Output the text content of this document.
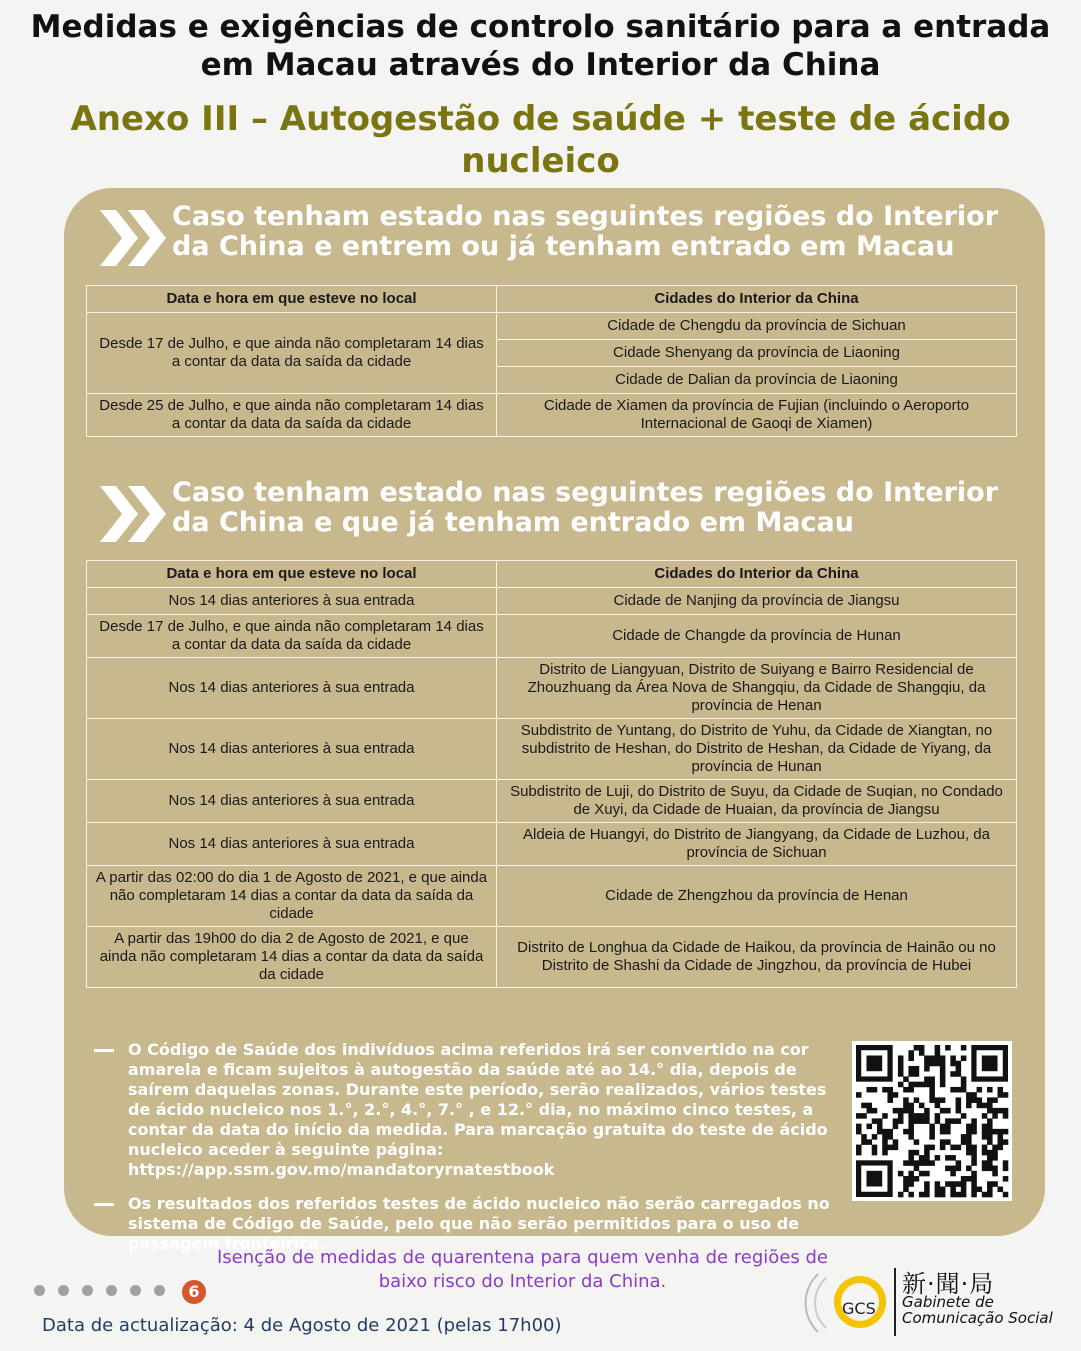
Medidas e exigências de controlo sanitário para a entrada em Macau através do Interior da China
Anexo III – Autogestão de saúde + teste de ácido nucleico
Caso tenham estado nas seguintes regiões do Interior da China e entrem ou já tenham entrado em Macau
Data e hora em que esteve no local	Cidades do Interior da China
Desde 17 de Julho, e que ainda não completaram 14 dias a contar da data da saída da cidade	Cidade de Chengdu da província de Sichuan
	Cidade Shenyang da província de Liaoning
	Cidade de Dalian da província de Liaoning
Desde 25 de Julho, e que ainda não completaram 14 dias a contar da data da saída da cidade	Cidade de Xiamen da província de Fujian (incluindo o Aeroporto Internacional de Gaoqi de Xiamen)
Caso tenham estado nas seguintes regiões do Interior da China e que já tenham entrado em Macau
Data e hora em que esteve no local	Cidades do Interior da China
Nos 14 dias anteriores à sua entrada	Cidade de Nanjing da província de Jiangsu
Desde 17 de Julho, e que ainda não completaram 14 dias a contar da data da saída da cidade	Cidade de Changde da província de Hunan
Nos 14 dias anteriores à sua entrada	Distrito de Liangyuan, Distrito de Suiyang e Bairro Residencial de Zhouzhuang da Área Nova de Shangqiu, da Cidade de Shangqiu, da província de Henan
Nos 14 dias anteriores à sua entrada	Subdistrito de Yuntang, do Distrito de Yuhu, da Cidade de Xiangtan, no subdistrito de Heshan, do Distrito de Heshan, da Cidade de Yiyang, da província de Hunan
Nos 14 dias anteriores à sua entrada	Subdistrito de Luji, do Distrito de Suyu, da Cidade de Suqian, no Condado de Xuyi, da Cidade de Huaian, da província de Jiangsu
Nos 14 dias anteriores à sua entrada	Aldeia de Huangyi, do Distrito de Jiangyang, da Cidade de Luzhou, da província de Sichuan
A partir das 02:00 do dia 1 de Agosto de 2021, e que ainda não completaram 14 dias a contar da data da saída da cidade	Cidade de Zhengzhou da província de Henan
A partir das 19h00 do dia 2 de Agosto de 2021, e que ainda não completaram 14 dias a contar da data da saída da cidade	Distrito de Longhua da Cidade de Haikou, da província de Hainão ou no Distrito de Shashi da Cidade de Jingzhou, da província de Hubei
O Código de Saúde dos indivíduos acima referidos irá ser convertido na cor amarela e ficam sujeitos à autogestão da saúde até ao 14.° dia, depois de saírem daquelas zonas. Durante este período, serão realizados, vários testes de ácido nucleico nos 1.°, 2.°, 4.°, 7.° , e 12.° dia, no máximo cinco testes, a contar da data do início da medida. Para marcação gratuita do teste de ácido nucleico aceder à seguinte página: https://app.ssm.gov.mo/mandatoryrnatestbook
Os resultados dos referidos testes de ácido nucleico não serão carregados no sistema de Código de Saúde, pelo que não serão permitidos para o uso de passagem fronteiriça.
Isenção de medidas de quarentena para quem venha de regiões de baixo risco do Interior da China.
6
Data de actualização: 4 de Agosto de 2021 (pelas 17h00)
GCS
新·聞·局
Gabinete de Comunicação Social
